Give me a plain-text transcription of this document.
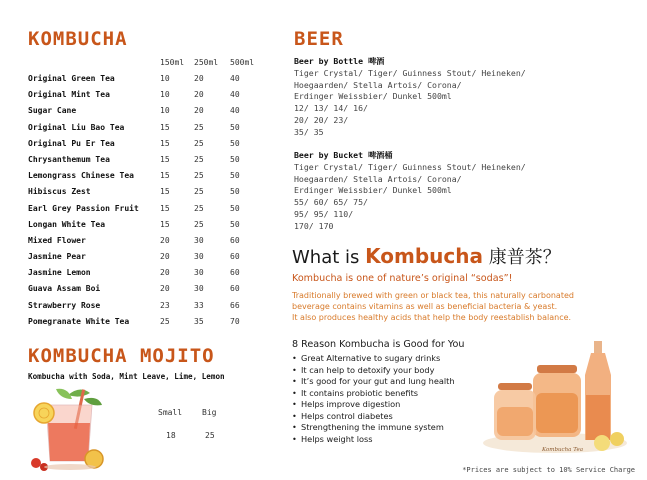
KOMBUCHA
150ml 250ml 500ml
Original Green Tea	10	20	40
Original Mint Tea	10	20	40
Sugar Cane	10	20	40
Original Liu Bao Tea	15	25	50
Original Pu Er Tea	15	25	50
Chrysanthemum Tea	15	25	50
Lemongrass Chinese Tea	15	25	50
Hibiscus Zest	15	25	50
Earl Grey Passion Fruit	15	25	50
Longan White Tea	15	25	50
Mixed Flower	20	30	60
Jasmine Pear	20	30	60
Jasmine Lemon	20	30	60
Guava Assam Boi	20	30	60
Strawberry Rose	23	33	66
Pomegranate White Tea	25	35	70
BEER
Beer by Bottle 啤酒
Tiger Crystal/ Tiger/ Guinness Stout/ Heineken/
Hoegaarden/ Stella Artois/ Corona/
Erdinger Weissbier/ Dunkel 500ml
12/ 13/ 14/ 16/
20/ 20/ 23/
35/ 35
Beer by Bucket 啤酒桶
Tiger Crystal/ Tiger/ Guinness Stout/ Heineken/
Hoegaarden/ Stella Artois/ Corona/
Erdinger Weissbier/ Dunkel 500ml
55/ 60/ 65/ 75/
95/ 95/ 110/
170/ 170
What is Kombucha 康普茶？
Kombucha is one of nature’s original “sodas”!
Traditionally brewed with green or black tea, this naturally carbonated
beverage contains vitamins as well as beneficial bacteria & yeast.
It also produces healthy acids that help the body reestablish balance.
8 Reason Kombucha is Good for You
• Great Alternative to sugary drinks
• It can help to detoxify your body
• It’s good for your gut and lung health
• It contains probiotic benefits
• Helps improve digestion
• Helps control diabetes
• Strengthening the immune system
• Helps weight loss
Kombucha Tea
KOMBUCHA MOJITO
Kombucha with Soda, Mint Leave, Lime, Lemon
Small Big
18	25
*Prices are subject to 10% Service Charge
